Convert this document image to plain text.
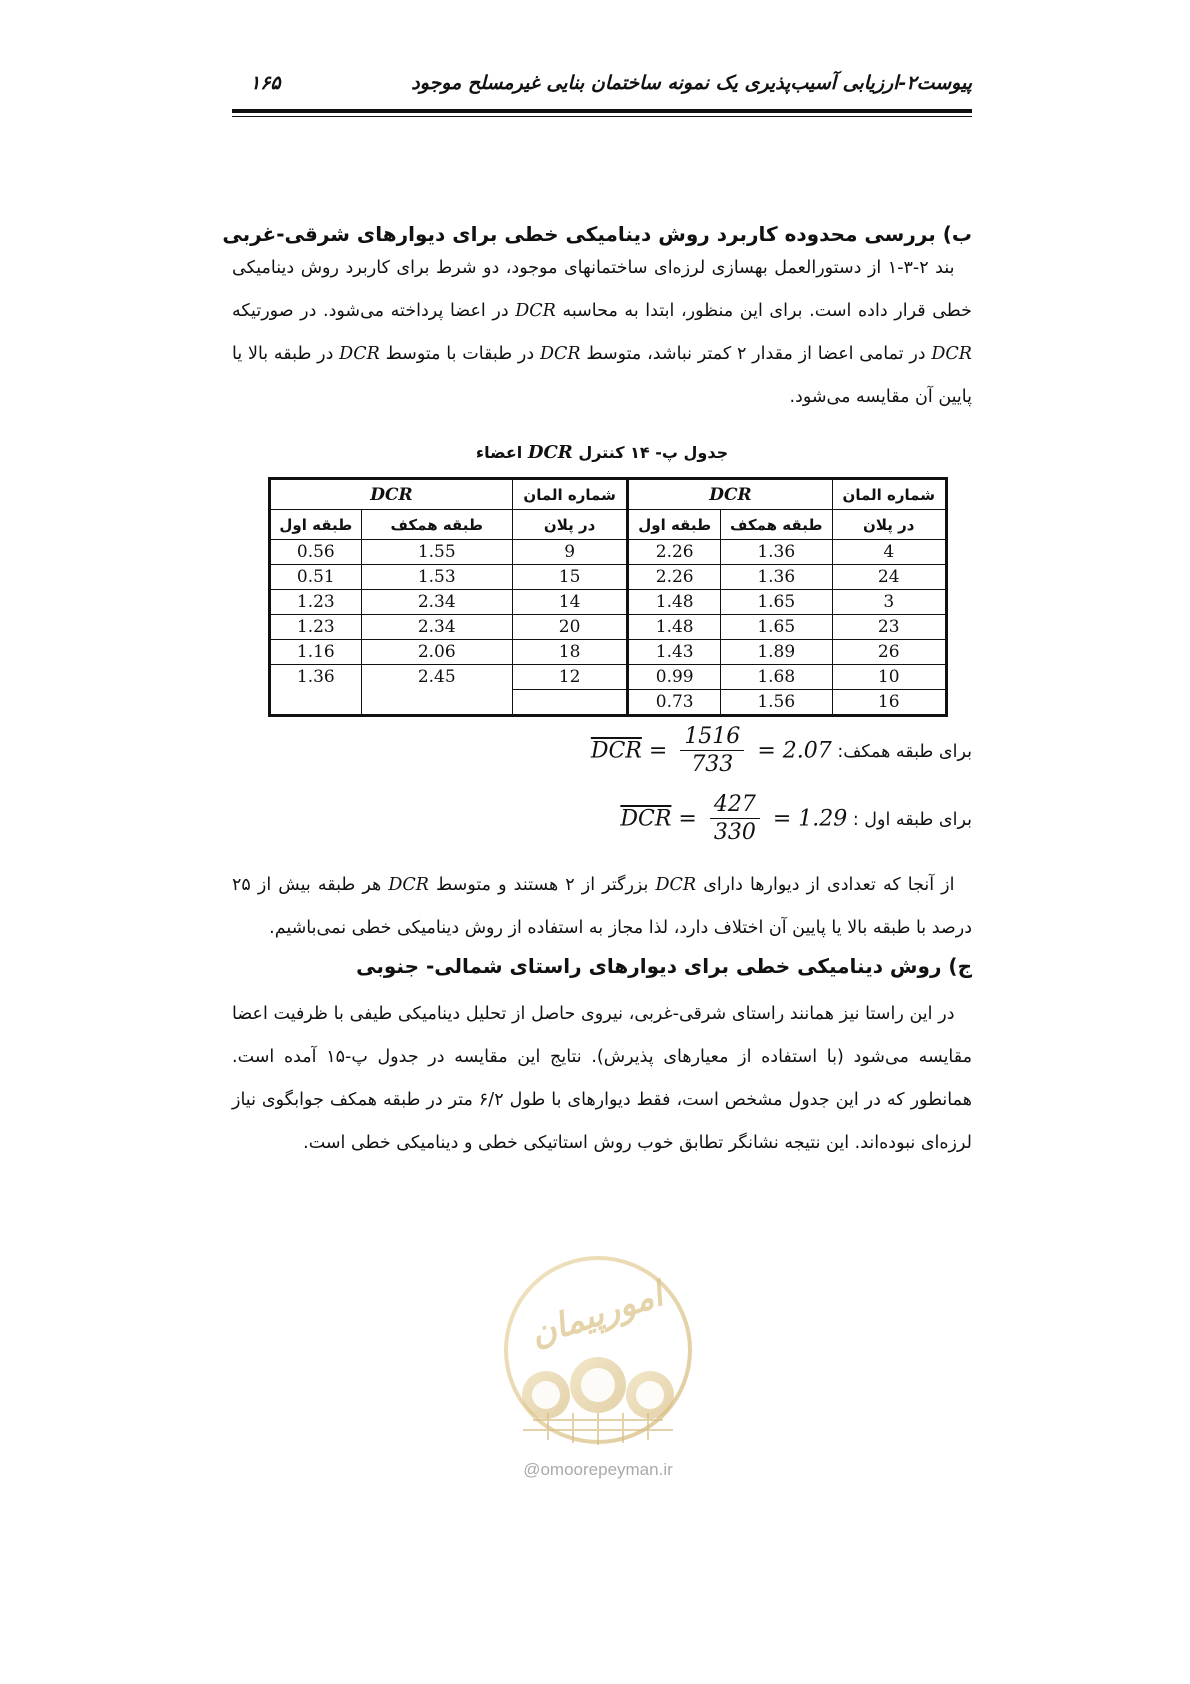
پیوست۲-ارزیابی آسیب‌پذیری یک نمونه ساختمان بنایی غیرمسلح موجود
۱۶۵
ب) بررسی محدوده کاربرد روش دینامیکی خطی برای دیوارهای شرقی-غربی

 بند ۲-۳-۱ از دستورالعمل بهسازی لرزه‌ای ساختمانهای موجود، دو شرط برای کاربرد روش دینامیکی خطی قرار داده است. برای این منظور، ابتدا به محاسبه DCR در اعضا پرداخته می‌شود. در صورتیکه DCR در تمامی اعضا از مقدار ۲ کمتر نباشد، متوسط DCR در طبقات با متوسط DCR در طبقه بالا یا پایین آن مقایسه می‌شود.

جدول پ- ۱۴ کنترل DCR اعضاء
شماره المان	DCR		شماره المان	DCR	
در پلان	طبقه همکف	طبقه اول	در پلان	طبقه همکف	طبقه اول
4	1.36	2.26	9	1.55	0.56
24	1.36	2.26	15	1.53	0.51
3	1.65	1.48	14	2.34	1.23
23	1.65	1.48	20	2.34	1.23
26	1.89	1.43	18	2.06	1.16
10	1.68	0.99	12	2.45	1.36
16	1.56	0.73			
برای طبقه همکف: $\overline{DCR} = \frac{1516}{733} = 2.07$
برای طبقه اول : $\overline{DCR} = \frac{427}{330} = 1.29$

 از آنجا که تعدادی از دیوارها دارای DCR بزرگتر از ۲ هستند و متوسط DCR هر طبقه بیش از ۲۵ درصد با طبقه بالا یا پایین آن اختلاف دارد، لذا مجاز به استفاده از روش دینامیکی خطی نمی‌باشیم.

ج) روش دینامیکی خطی برای دیوارهای راستای شمالی- جنوبی

 در این راستا نیز همانند راستای شرقی-غربی، نیروی حاصل از تحلیل دینامیکی طیفی با ظرفیت اعضا مقایسه می‌شود (با استفاده از معیارهای پذیرش). نتایج این مقایسه در جدول پ-۱۵ آمده است. همانطور که در این جدول مشخص است، فقط دیوارهای با طول ۶/۲ متر در طبقه همکف جوابگوی نیاز لرزه‌ای نبوده‌اند. این نتیجه نشانگر تطابق خوب روش استاتیکی خطی و دینامیکی خطی است.

امورپیمان
@omoorepeyman.ir
